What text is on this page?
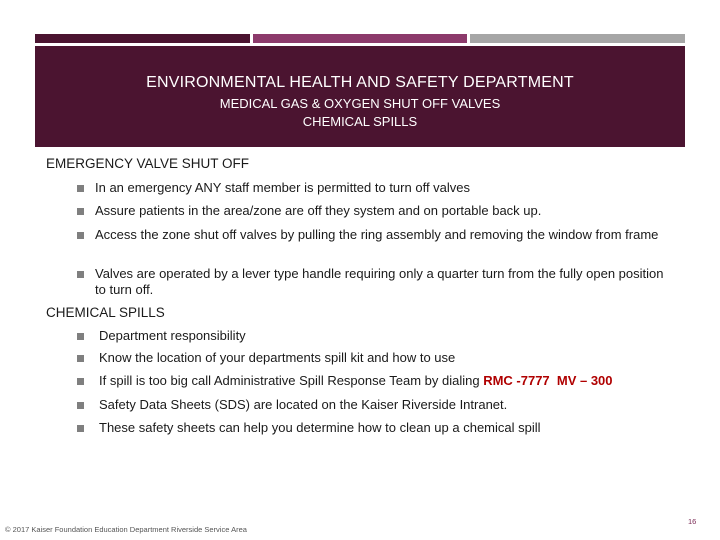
ENVIRONMENTAL HEALTH AND SAFETY DEPARTMENT
MEDICAL GAS & OXYGEN SHUT OFF VALVES
CHEMICAL SPILLS
EMERGENCY VALVE SHUT OFF
In an emergency ANY staff member is permitted to turn off valves
Assure patients in the area/zone are off they system and on portable back up.
Access the zone shut off valves by pulling the ring assembly and removing the window from frame
Valves are operated by a lever type handle requiring only a quarter turn from the fully open position to turn off.
CHEMICAL SPILLS
Department responsibility
Know the location of your departments spill kit and how to use
If spill is too big call Administrative Spill Response Team by dialing RMC -7777  MV – 300
Safety Data Sheets (SDS) are located on the Kaiser Riverside Intranet.
These safety sheets can help you determine how to clean up a chemical spill
© 2017 Kaiser Foundation Education Department Riverside Service Area
16
